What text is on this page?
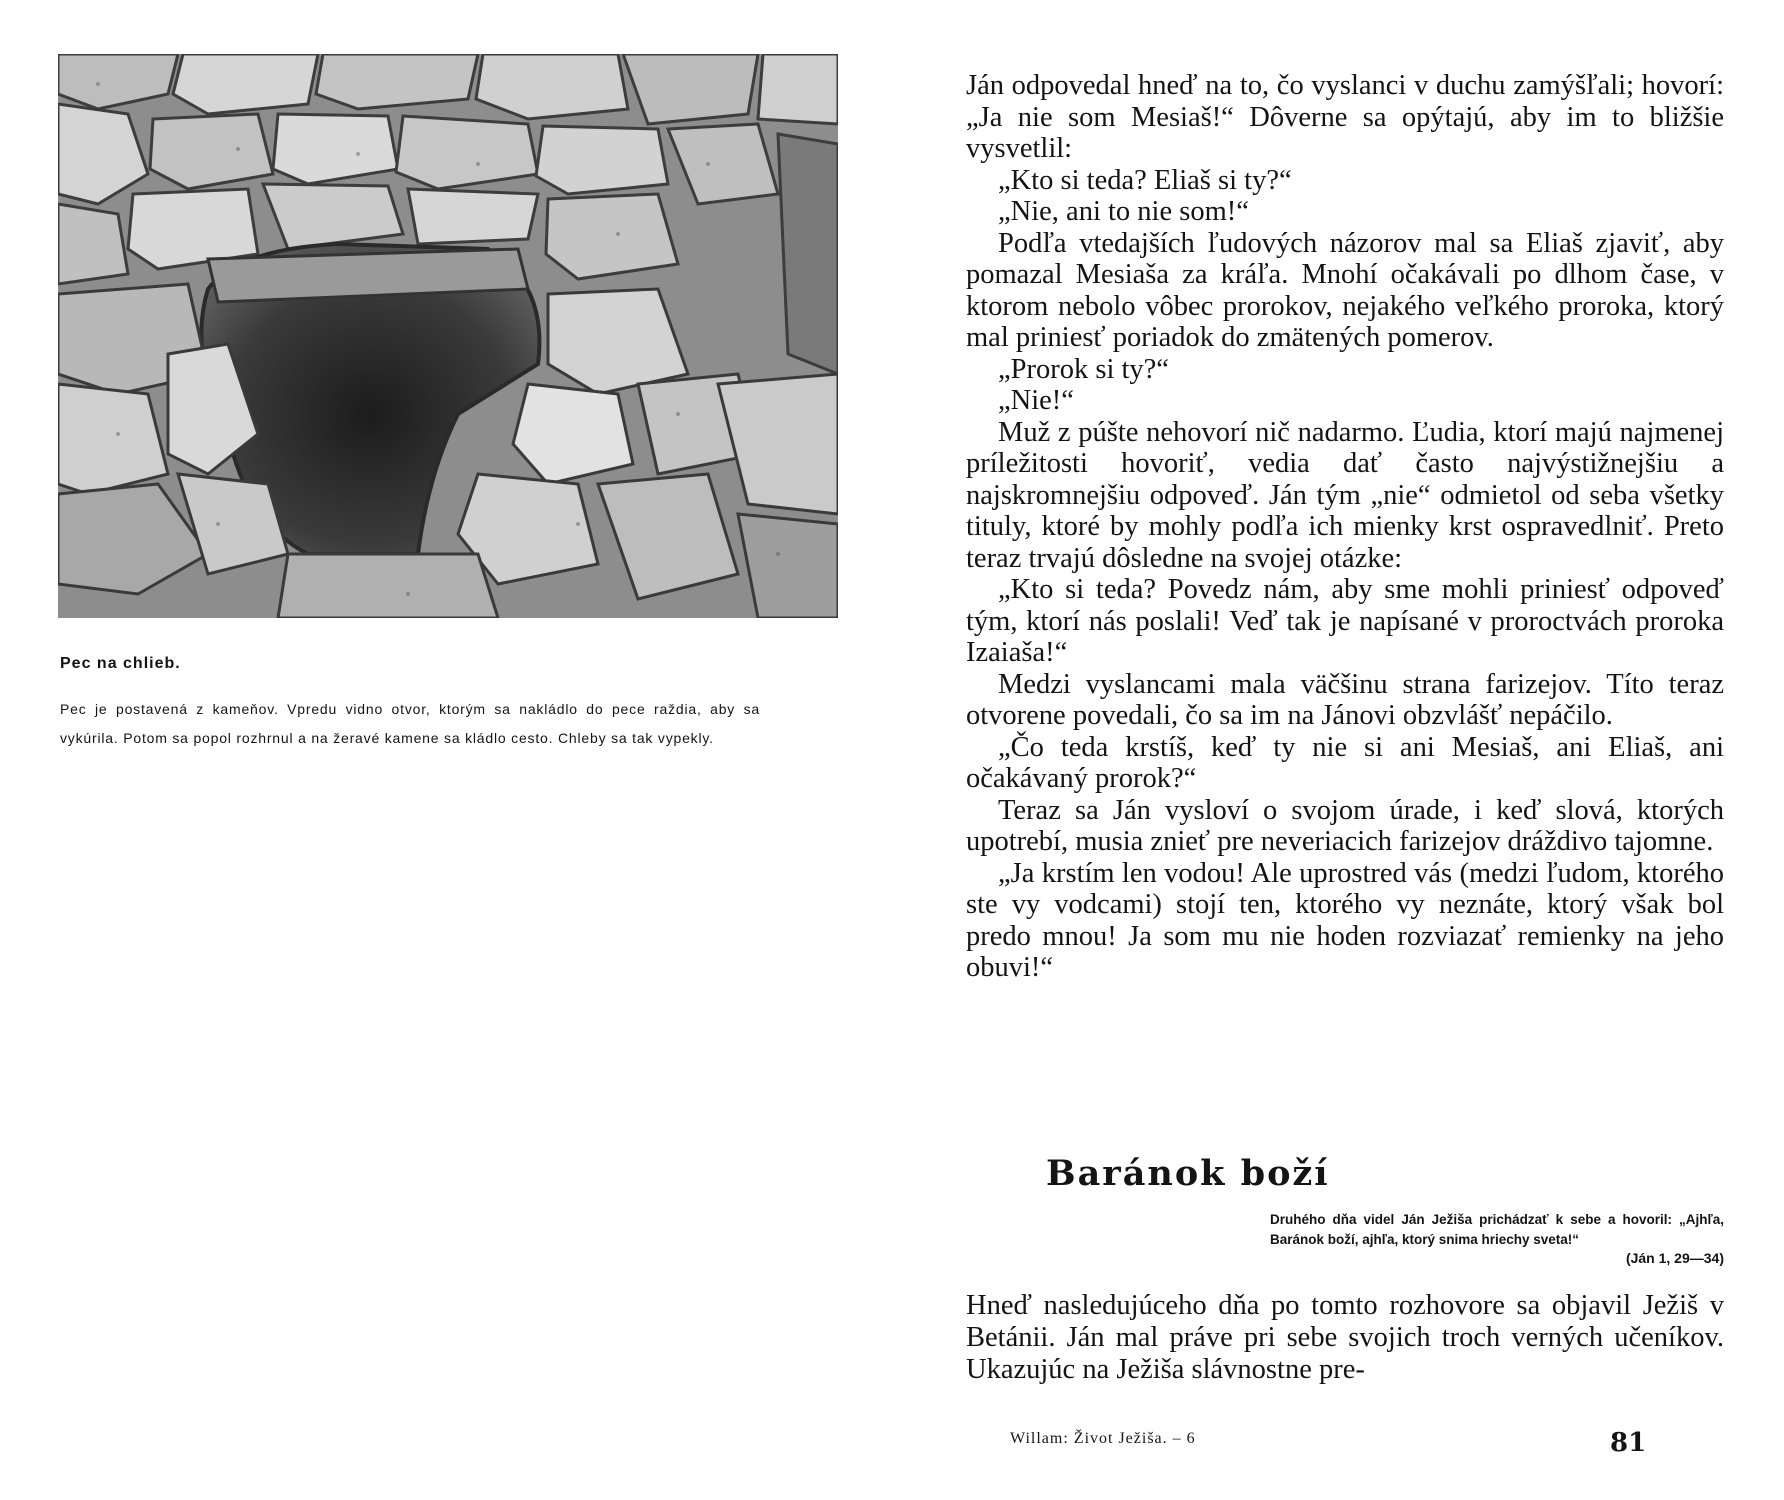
Pec na chlieb.

Pec je postavená z kameňov. Vpredu vidno otvor, ktorým sa nakládlo do pece raždia, aby sa vykúrila. Potom sa popol rozhrnul a na žeravé kamene sa kládlo cesto. Chleby sa tak vypekly.

Ján odpovedal hneď na to, čo vyslanci v duchu zamýšľali; hovorí: „Ja nie som Mesiaš!“ Dôverne sa opýtajú, aby im to bližšie vysvetlil:

„Kto si teda? Eliaš si ty?“

„Nie, ani to nie som!“

Podľa vtedajších ľudových názorov mal sa Eliaš zjaviť, aby pomazal Mesiaša za kráľa. Mnohí očakávali po dlhom čase, v ktorom nebolo vôbec prorokov, nejakého veľkého proroka, ktorý mal priniesť poriadok do zmätených pomerov.

„Prorok si ty?“

„Nie!“

Muž z púšte nehovorí nič nadarmo. Ľudia, ktorí majú najmenej príležitosti hovoriť, vedia dať často najvýstižnejšiu a najskromnejšiu odpoveď. Ján tým „nie“ odmietol od seba všetky tituly, ktoré by mohly podľa ich mienky krst ospravedlniť. Preto teraz trvajú dôsledne na svojej otázke:

„Kto si teda? Povedz nám, aby sme mohli priniesť odpoveď tým, ktorí nás poslali! Veď tak je napísané v proroctvách proroka Izaiaša!“

Medzi vyslancami mala väčšinu strana farizejov. Títo teraz otvorene povedali, čo sa im na Jánovi obzvlášť nepáčilo.

„Čo teda krstíš, keď ty nie si ani Mesiaš, ani Eliaš, ani očakávaný prorok?“

Teraz sa Ján vysloví o svojom úrade, i keď slová, ktorých upotrebí, musia znieť pre neveriacich farizejov dráždivo tajomne.

„Ja krstím len vodou! Ale uprostred vás (medzi ľudom, ktorého ste vy vodcami) stojí ten, ktorého vy neznáte, ktorý však bol predo mnou! Ja som mu nie hoden rozviazať remienky na jeho obuvi!“

Baránok boží

Druhého dňa videl Ján Ježiša prichádzať k sebe a hovoril: „Ajhľa, Baránok boží, ajhľa, ktorý snima hriechy sveta!“

(Ján 1, 29—34)

Hneď nasledujúceho dňa po tomto rozhovore sa objavil Ježiš v Betánii. Ján mal práve pri sebe svojich troch verných učeníkov. Ukazujúc na Ježiša slávnostne pre-

Willam: Život Ježiša. – 6	81
